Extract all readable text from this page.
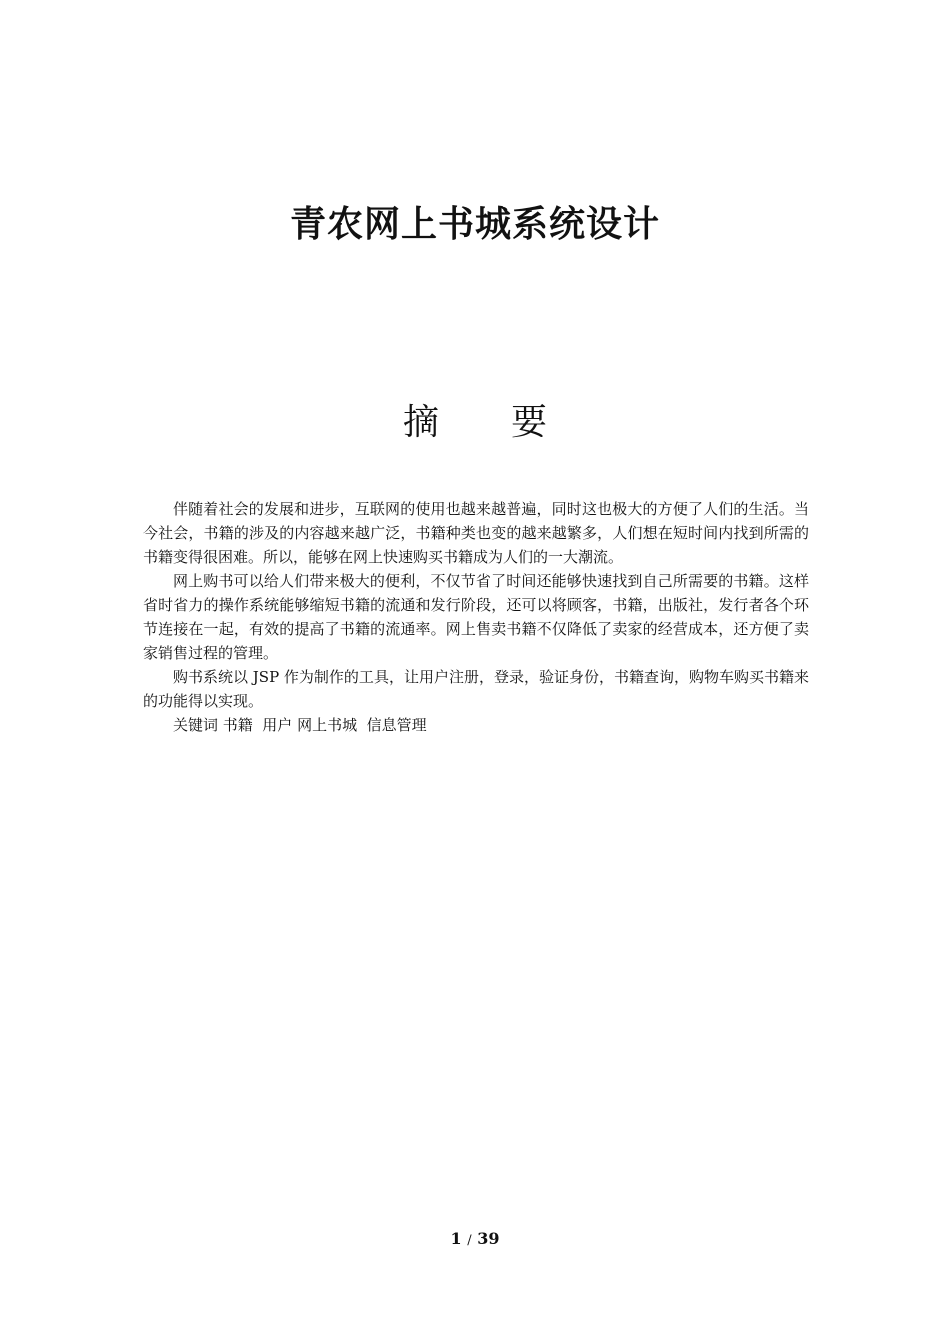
青农网上书城系统设计
摘 要

伴随着社会的发展和进步，互联网的使用也越来越普遍，同时这也极大的方便了人们的生活。当今社会，书籍的涉及的内容越来越广泛，书籍种类也变的越来越繁多，人们想在短时间内找到所需的书籍变得很困难。所以，能够在网上快速购买书籍成为人们的一大潮流。

网上购书可以给人们带来极大的便利，不仅节省了时间还能够快速找到自己所需要的书籍。这样省时省力的操作系统能够缩短书籍的流通和发行阶段，还可以将顾客，书籍，出版社，发行者各个环节连接在一起，有效的提高了书籍的流通率。网上售卖书籍不仅降低了卖家的经营成本，还方便了卖家销售过程的管理。

购书系统以 JSP 作为制作的工具，让用户注册，登录，验证身份，书籍查询，购物车购买书籍来的功能得以实现。

关键词 书籍  用户 网上书城  信息管理

1 / 39
